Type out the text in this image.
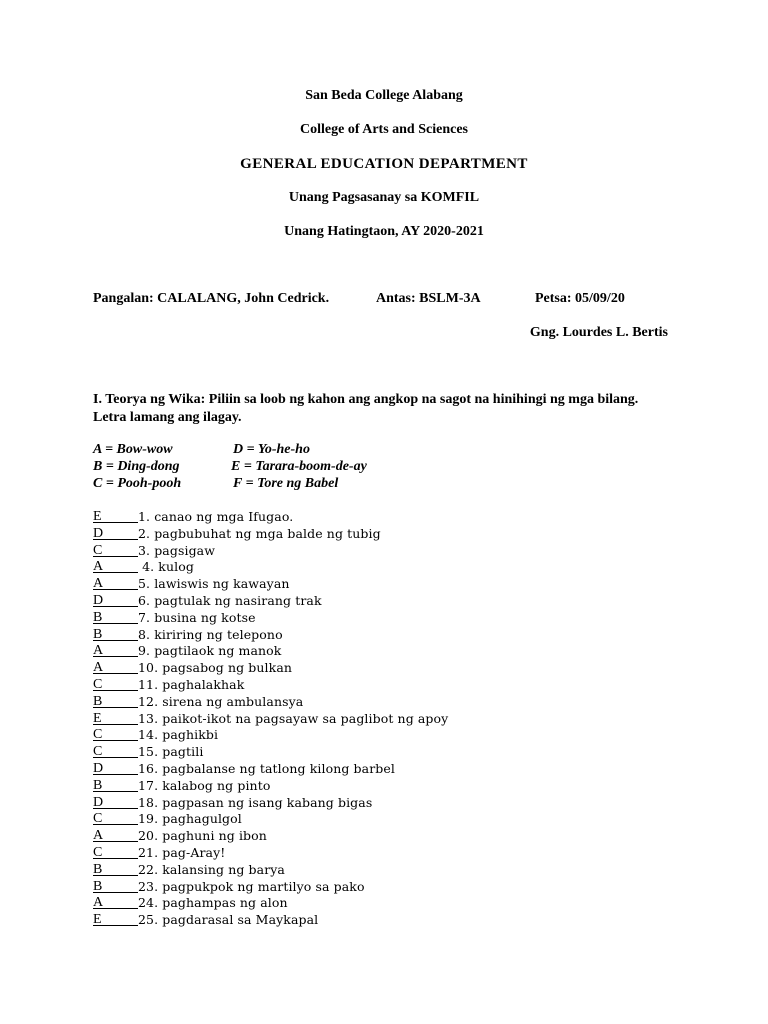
San Beda College Alabang
College of Arts and Sciences
GENERAL EDUCATION DEPARTMENT
Unang Pagsasanay sa KOMFIL
Unang Hatingtaon, AY 2020-2021
Pangalan: CALALANG, John Cedrick.	Antas: BSLM-3A	Petsa: 05/09/20
Gng. Lourdes L. Bertis
I. Teorya ng Wika: Piliin sa loob ng kahon ang angkop na sagot na hinihingi ng mga bilang. Letra lamang ang ilagay.
A = Bow-wow
B = Ding-dong
C = Pooh-pooh
D = Yo-he-ho
E = Tarara-boom-de-ay
F = Tore ng Babel
E	1. canao ng mga Ifugao.
D	2. pagbubuhat ng mga balde ng tubig
C	3. pagsigaw
A	4. kulog
A	5. lawiswis ng kawayan
D	6. pagtulak ng nasirang trak
B	7. busina ng kotse
B	8. kiriring ng telepono
A	9. pagtilaok ng manok
A	10. pagsabog ng bulkan
C	11. paghalakhak
B	12. sirena ng ambulansya
E	13. paikot-ikot na pagsayaw sa paglibot ng apoy
C	14. paghikbi
C	15. pagtili
D	16. pagbalanse ng tatlong kilong barbel
B	17. kalabog ng pinto
D	18. pagpasan ng isang kabang bigas
C	19. paghagulgol
A	20. paghuni ng ibon
C	21. pag-Aray!
B	22. kalansing ng barya
B	23. pagpukpok ng martilyo sa pako
A	24. paghampas ng alon
E	25. pagdarasal sa Maykapal
